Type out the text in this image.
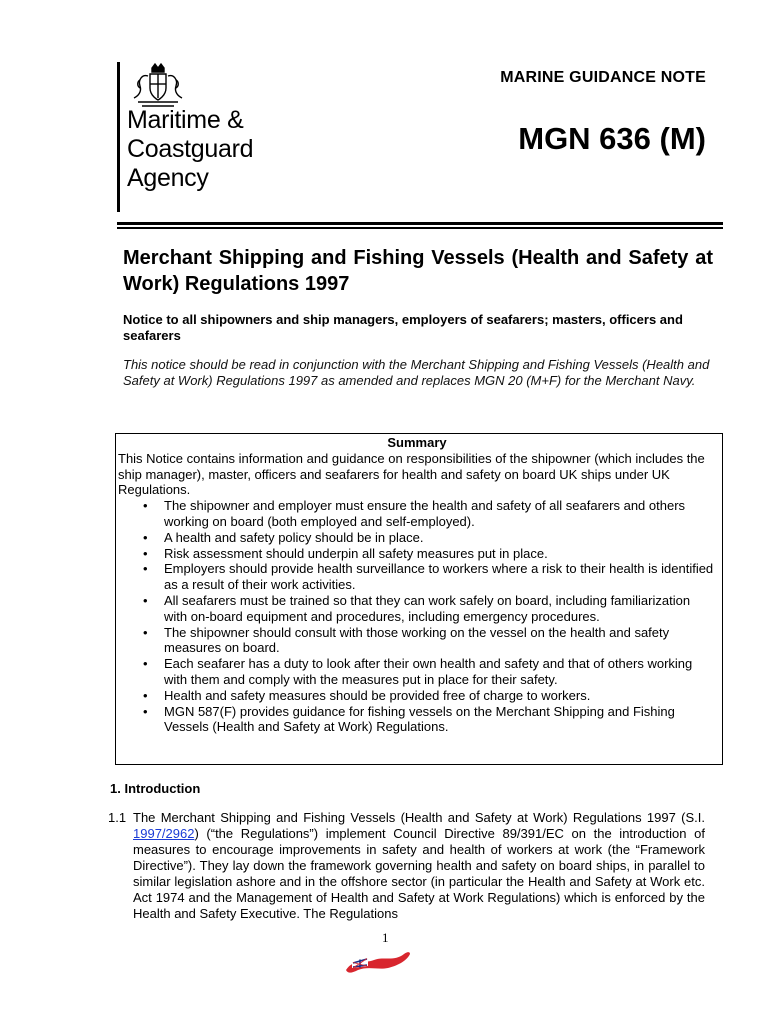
Maritime &
Coastguard
Agency
MARINE GUIDANCE NOTE
MGN 636 (M)
Merchant Shipping and Fishing Vessels (Health and Safety at Work) Regulations 1997

Notice to all shipowners and ship managers, employers of seafarers; masters, officers and seafarers

This notice should be read in conjunction with the Merchant Shipping and Fishing Vessels (Health and Safety at Work) Regulations 1997 as amended and replaces MGN 20 (M+F) for the Merchant Navy.

Summary
This Notice contains information and guidance on responsibilities of the shipowner (which includes the ship manager), master, officers and seafarers for health and safety on board UK ships under UK Regulations.
• The shipowner and employer must ensure the health and safety of all seafarers and others working on board (both employed and self-employed).
• A health and safety policy should be in place.
• Risk assessment should underpin all safety measures put in place.
• Employers should provide health surveillance to workers where a risk to their health is identified as a result of their work activities.
• All seafarers must be trained so that they can work safely on board, including familiarization with on-board equipment and procedures, including emergency procedures.
• The shipowner should consult with those working on the vessel on the health and safety measures on board.
• Each seafarer has a duty to look after their own health and safety and that of others working with them and comply with the measures put in place for their safety.
• Health and safety measures should be provided free of charge to workers.
• MGN 587(F) provides guidance for fishing vessels on the Merchant Shipping and Fishing Vessels (Health and Safety at Work) Regulations.
1. Introduction
1.1 The Merchant Shipping and Fishing Vessels (Health and Safety at Work) Regulations 1997 (S.I. 1997/2962) (“the Regulations”) implement Council Directive 89/391/EC on the introduction of measures to encourage improvements in safety and health of workers at work (the “Framework Directive”). They lay down the framework governing health and safety on board ships, in parallel to similar legislation ashore and in the offshore sector (in particular the Health and Safety at Work etc. Act 1974 and the Management of Health and Safety at Work Regulations) which is enforced by the Health and Safety Executive. The Regulations

1
